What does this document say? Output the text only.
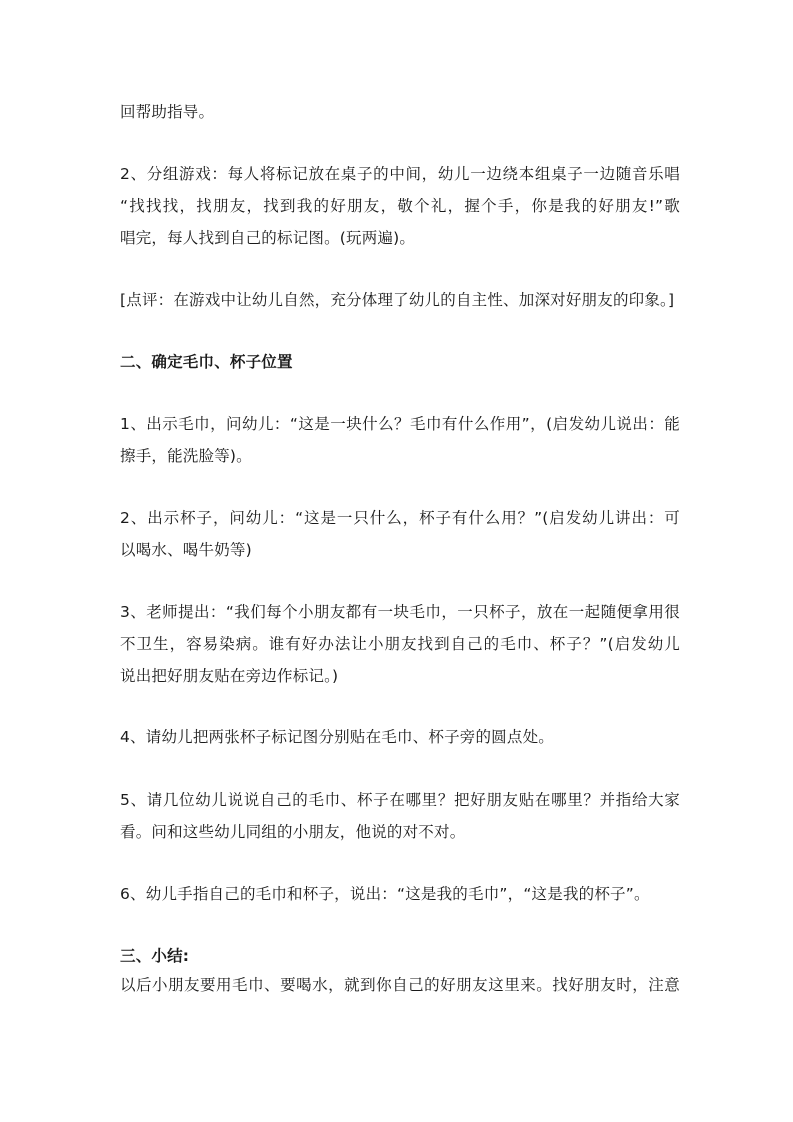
回帮助指导。
2、分组游戏：每人将标记放在桌子的中间，幼儿一边绕本组桌子一边随音乐唱
“找找找，找朋友，找到我的好朋友，敬个礼，握个手，你是我的好朋友!”歌
唱完，每人找到自己的标记图。(玩两遍)。
[点评：在游戏中让幼儿自然，充分体理了幼儿的自主性、加深对好朋友的印象。]
二、确定毛巾、杯子位置
1、出示毛巾，问幼儿：“这是一块什么？毛巾有什么作用”，(启发幼儿说出：能
擦手，能洗脸等)。
2、出示杯子，问幼儿：“这是一只什么，杯子有什么用？”(启发幼儿讲出：可
以喝水、喝牛奶等)
3、老师提出：“我们每个小朋友都有一块毛巾，一只杯子，放在一起随便拿用很
不卫生，容易染病。谁有好办法让小朋友找到自己的毛巾、杯子？”(启发幼儿
说出把好朋友贴在旁边作标记。)
4、请幼儿把两张杯子标记图分别贴在毛巾、杯子旁的圆点处。
5、请几位幼儿说说自己的毛巾、杯子在哪里？把好朋友贴在哪里？并指给大家
看。问和这些幼儿同组的小朋友，他说的对不对。
6、幼儿手指自己的毛巾和杯子，说出：“这是我的毛巾”，“这是我的杯子”。
三、小结:
以后小朋友要用毛巾、要喝水，就到你自己的好朋友这里来。找好朋友时，注意
